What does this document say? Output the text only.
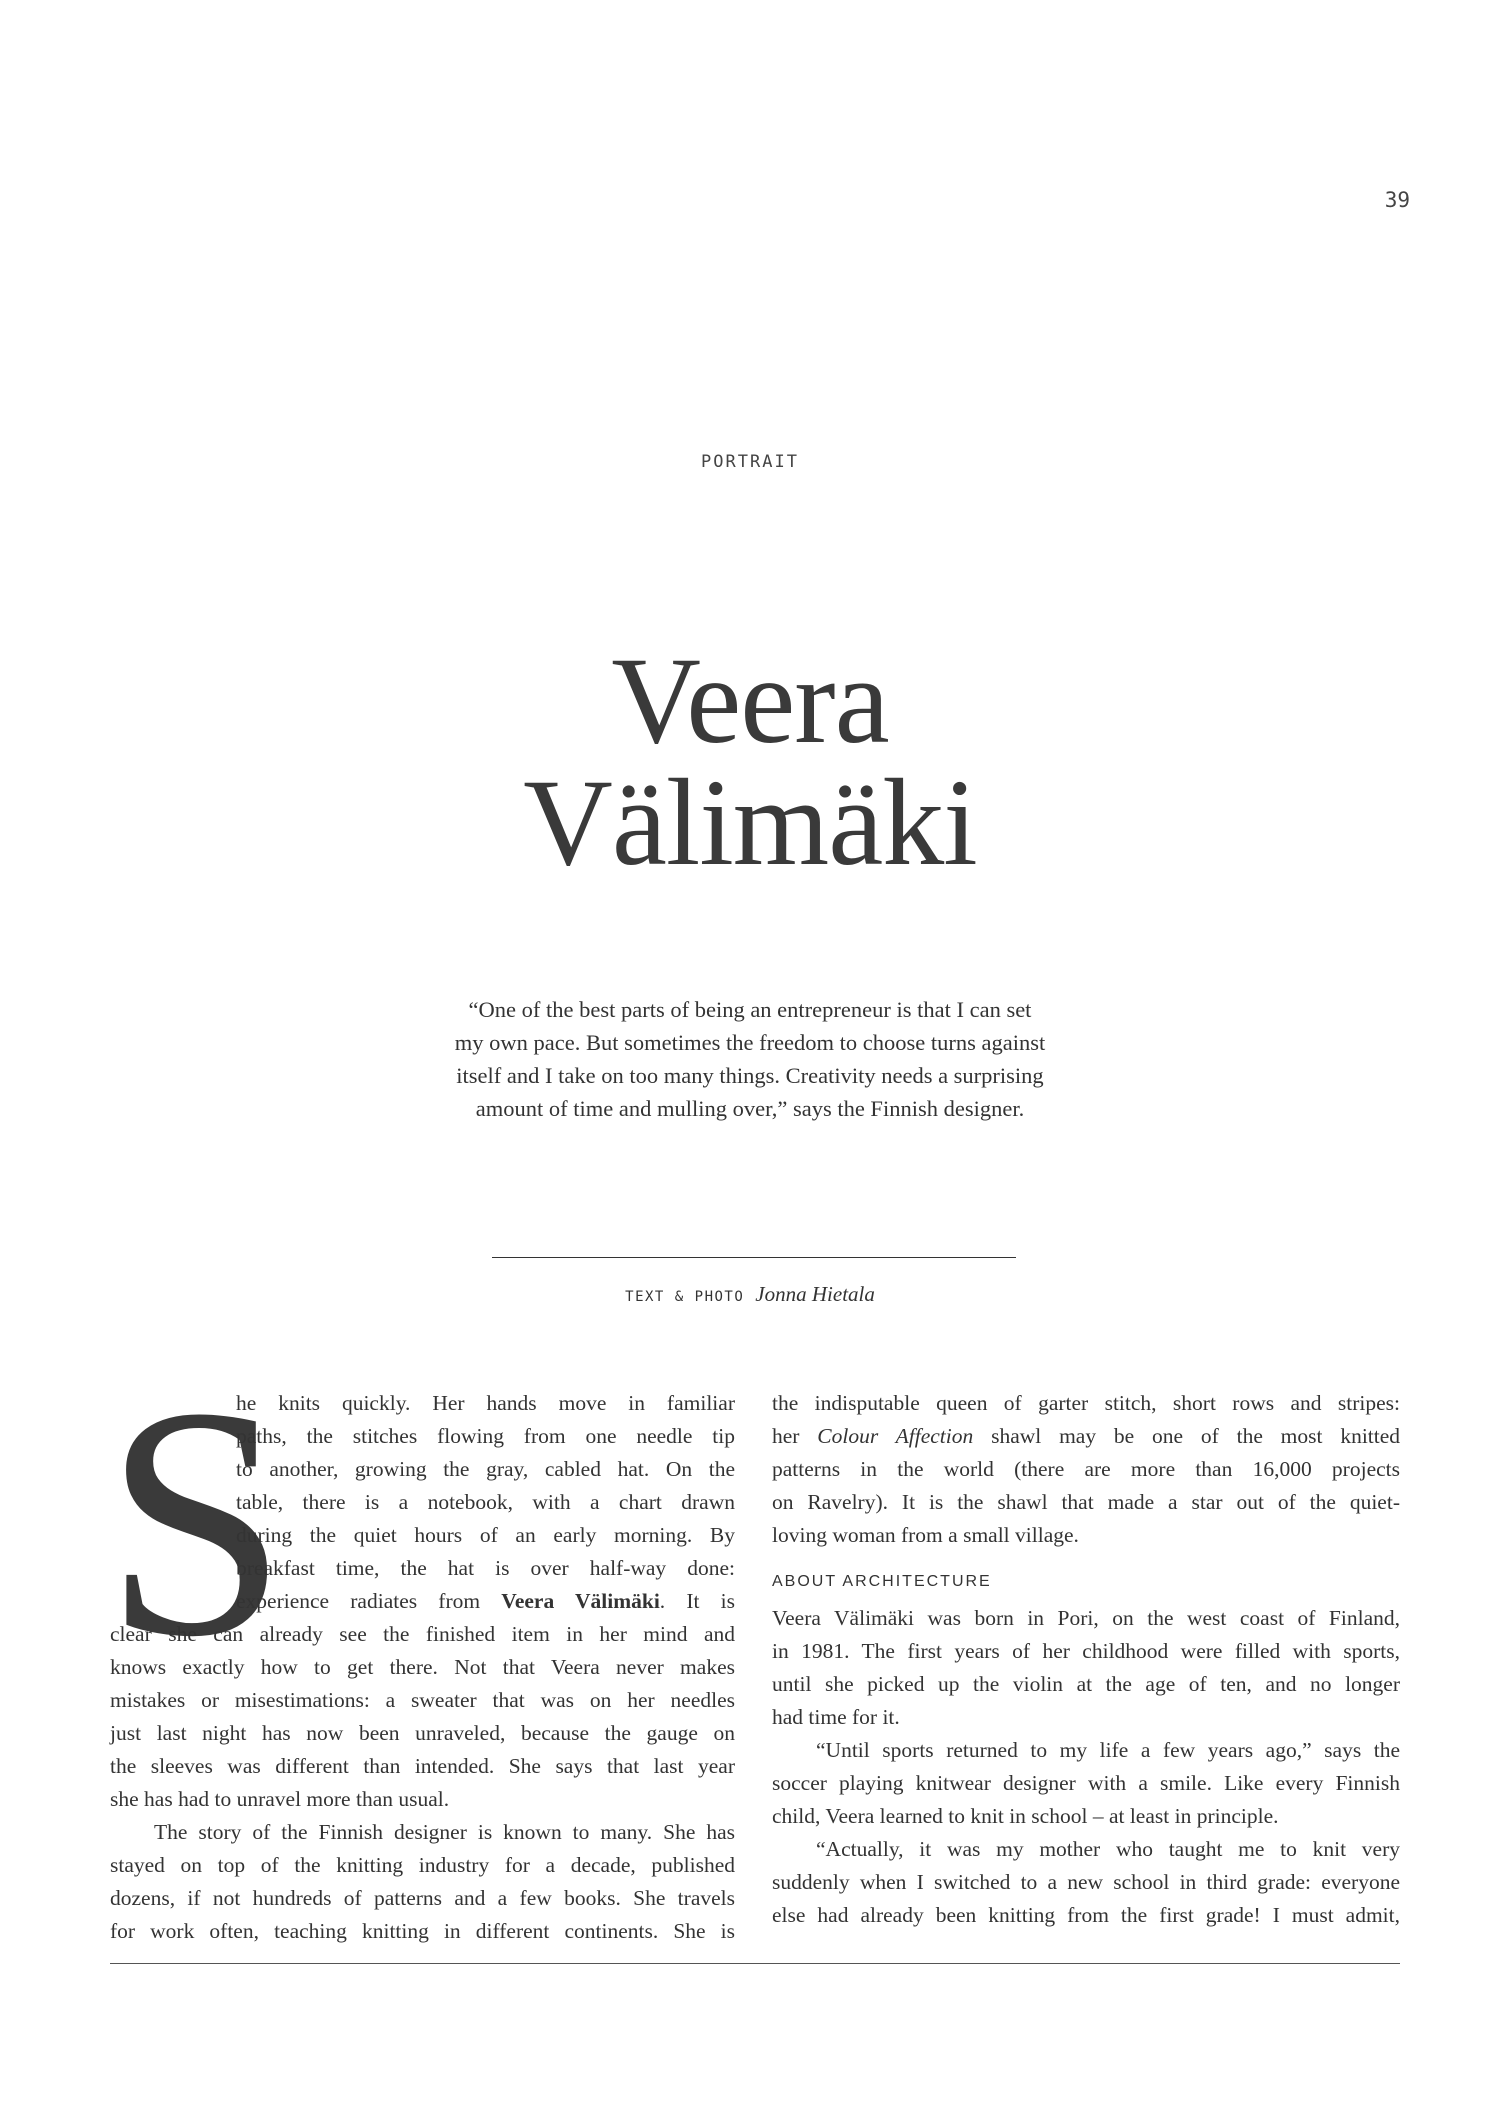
39
PORTRAIT
Veera
Välimäki

“One of the best parts of being an entrepreneur is that I can set
my own pace. But sometimes the freedom to choose turns against
itself and I take on too many things. Creativity needs a surprising
amount of time and mulling over,” says the Finnish designer.

TEXT & PHOTO Jonna Hietala
S
he knits quickly. Her hands move in familiar
paths, the stitches flowing from one needle tip
to another, growing the gray, cabled hat. On the
table, there is a notebook, with a chart drawn
during the quiet hours of an early morning. By
breakfast time, the hat is over half-way done:
experience radiates from Veera Välimäki. It is
clear she can already see the finished item in her mind and
knows exactly how to get there. Not that Veera never makes
mistakes or misestimations: a sweater that was on her needles
just last night has now been unraveled, because the gauge on
the sleeves was different than intended. She says that last year
she has had to unravel more than usual.
The story of the Finnish designer is known to many. She has
stayed on top of the knitting industry for a decade, published
dozens, if not hundreds of patterns and a few books. She travels
for work often, teaching knitting in different continents. She is
the indisputable queen of garter stitch, short rows and stripes:
her Colour Affection shawl may be one of the most knitted
patterns in the world (there are more than 16,000 projects
on Ravelry). It is the shawl that made a star out of the quiet-
loving woman from a small village.
ABOUT ARCHITECTURE
Veera Välimäki was born in Pori, on the west coast of Finland,
in 1981. The first years of her childhood were filled with sports,
until she picked up the violin at the age of ten, and no longer
had time for it.
“Until sports returned to my life a few years ago,” says the
soccer playing knitwear designer with a smile. Like every Finnish
child, Veera learned to knit in school – at least in principle.
“Actually, it was my mother who taught me to knit very
suddenly when I switched to a new school in third grade: everyone
else had already been knitting from the first grade! I must admit,
